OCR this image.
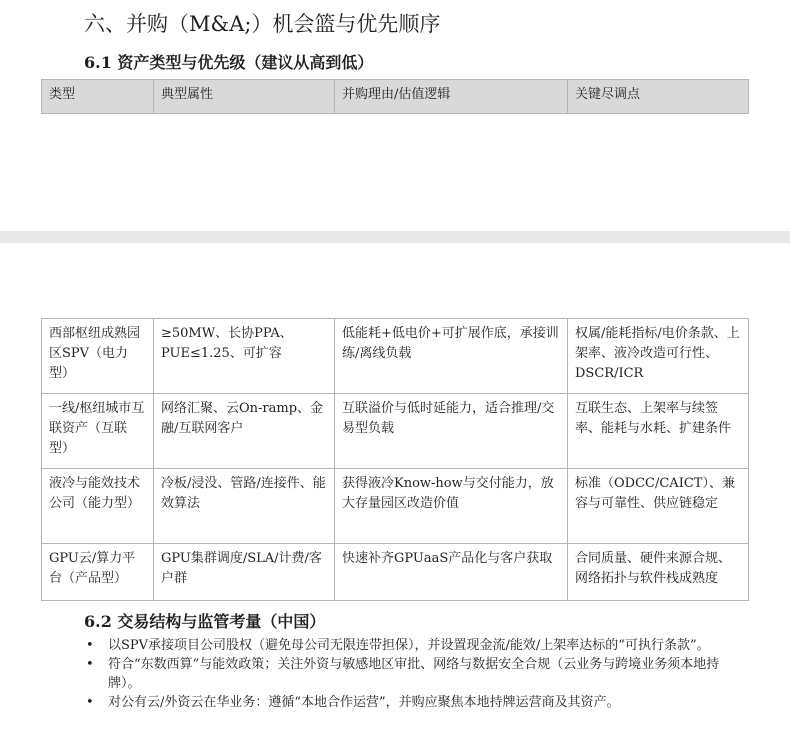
六、并购（M&A;）机会篮与优先顺序
6.1 资产类型与优先级（建议从高到低）
类型	典型属性	并购理由/估值逻辑	关键尽调点
西部枢纽成熟园区SPV（电力型）	≥50MW、长协PPA、PUE≤1.25、可扩容	低能耗+低电价+可扩展作底，承接训练/离线负载	权属/能耗指标/电价条款、上架率、液冷改造可行性、DSCR/ICR
一线/枢纽城市互联资产（互联型）	网络汇聚、云On-ramp、金融/互联网客户	互联溢价与低时延能力，适合推理/交易型负载	互联生态、上架率与续签率、能耗与水耗、扩建条件
液冷与能效技术公司（能力型）	冷板/浸没、管路/连接件、能效算法	获得液冷Know-how与交付能力，放大存量园区改造价值	标准（ODCC/CAICT）、兼容与可靠性、供应链稳定
GPU云/算力平台（产品型）	GPU集群调度/SLA/计费/客户群	快速补齐GPUaaS产品化与客户获取	合同质量、硬件来源合规、网络拓扑与软件栈成熟度
6.2 交易结构与监管考量（中国）
• 以SPV承接项目公司股权（避免母公司无限连带担保），并设置现金流/能效/上架率达标的“可执行条款”。
• 符合“东数西算”与能效政策；关注外资与敏感地区审批、网络与数据安全合规（云业务与跨境业务须本地持牌）。
• 对公有云/外资云在华业务：遵循“本地合作运营”，并购应聚焦本地持牌运营商及其资产。
